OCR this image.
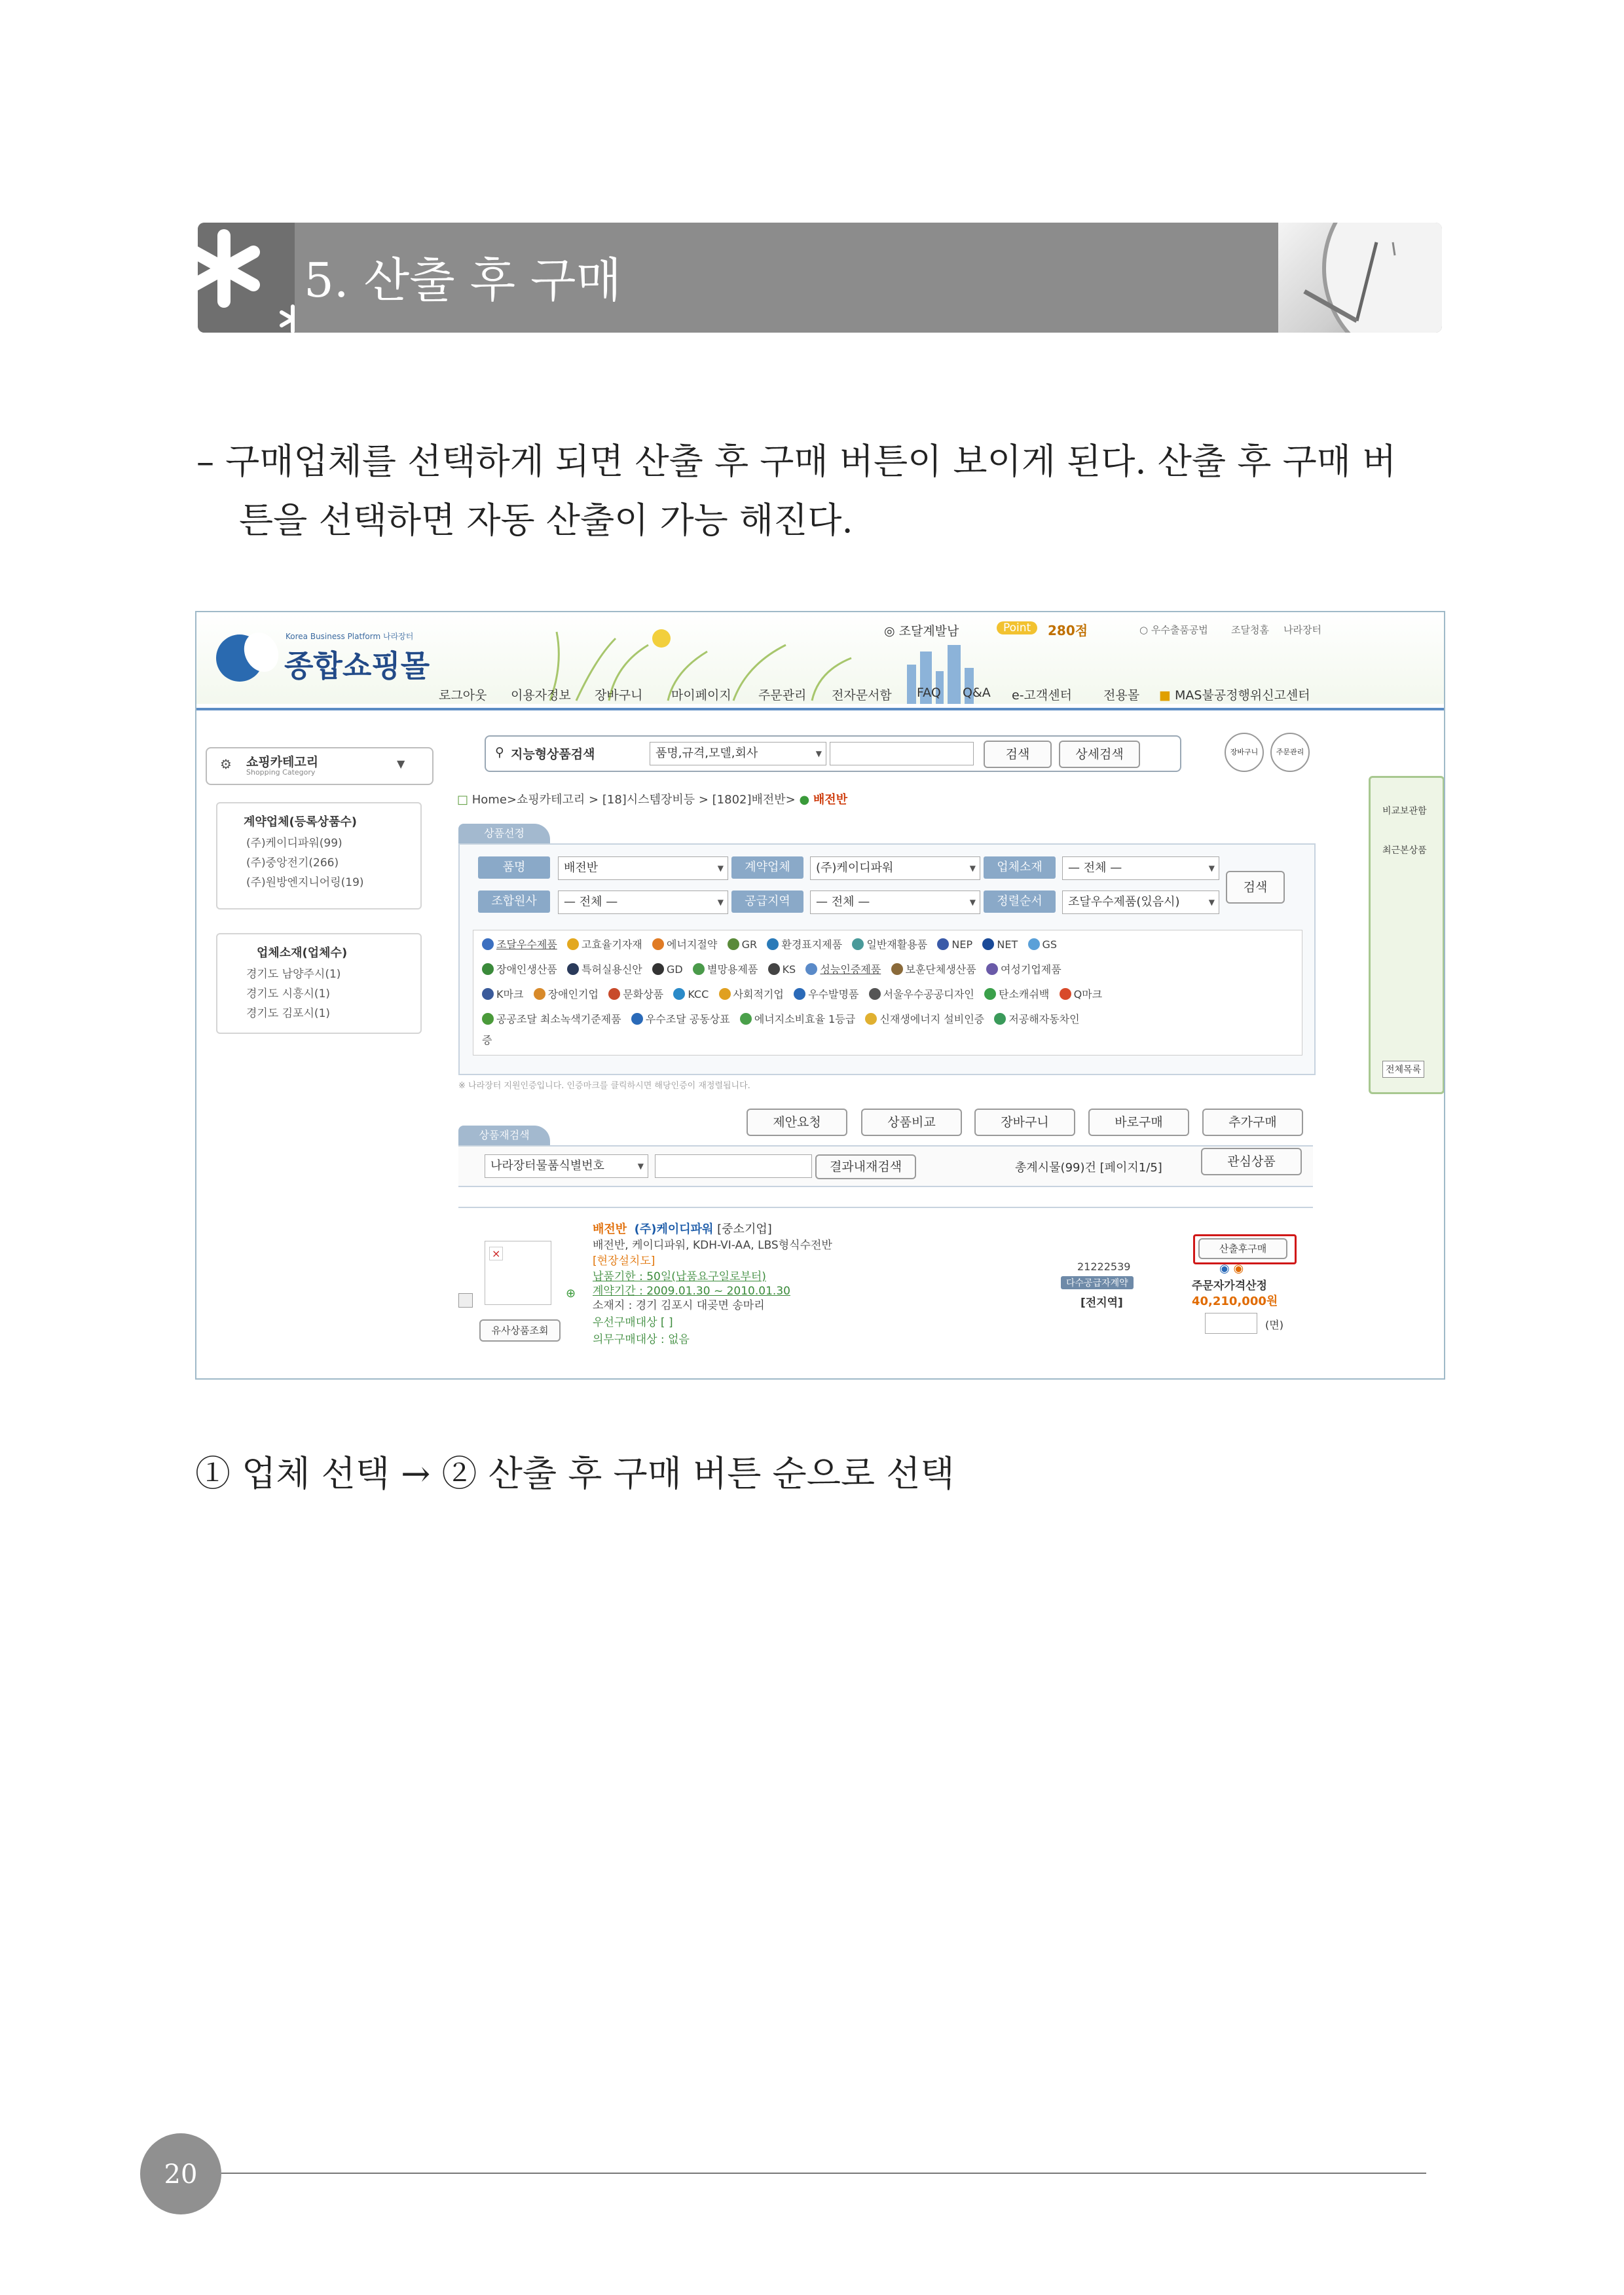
5. 산출 후 구매
– 구매업체를 선택하게 되면 산출 후 구매 버튼이 보이게 된다. 산출 후 구매 버
튼을 선택하면 자동 산출이 가능 해진다.
Korea Business Platform 나라장터
종합쇼핑몰
◎ 조달계발남	Point	280점	○ 우수출품공법 조달청홈 나라장터
로그아웃 이용자정보 장바구니 마이페이지 주문관리 전자문서함 FAQ Q&A e-고객센터	전용몰 ■ MAS불공정행위신고센터
⚙ 쇼핑카테고리
Shopping Category
▼
⚲ 지능형상품검색	품명,규격,모델,회사 ▼	검색	상세검색	장바구니	주문관리
비교보관함
최근본상품
전체목록
□ Home>쇼핑카테고리 > [18]시스템장비등 > [1802]배전반> ● 배전반
계약업체(등록상품수)
(주)케이디파워(99)
(주)중앙전기(266)
(주)원방엔지니어링(19)
업체소재(업체수)
경기도 남양주시(1)
경기도 시흥시(1)
경기도 김포시(1)
상품선정
품명	배전반 ▼	계약업체	(주)케이디파워 ▼	업체소재	— 전체 — ▼
조합원사	— 전체 — ▼	공급지역	— 전체 — ▼	정렬순서	조달우수제품(있음시) ▼
검색
조달우수제품 고효율기자재 에너지절약 GR 환경표지제품 일반재활용품 NEP NET GS
장애인생산품 특허실용신안 GD 별망용제품 KS 성능인증제품 보훈단체생산품 여성기업제품
K마크 장애인기업 문화상품 KCC 사회적기업 우수발명품 서울우수공공디자인 탄소캐쉬백 Q마크
공공조달 최소녹색기준제품 우수조달 공동상표 에너지소비효율 1등급 신재생에너지 설비인증 저공해자동차인
증
※ 나라장터 지원인증입니다. 인증마크를 클릭하시면 해당인증이 재정렬됩니다.
제안요청	상품비교	장바구니	바로구매	추가구매
상품재검색
나라장터물품식별번호 ▼	결과내재검색	총계시물(99)건 [페이지1/5]	관심상품
×
⊕
유사상품조회
배전반 (주)케이디파워 [중소기업]
배전반, 케이디파워, KDH-VI-AA, LBS형식수전반
[현장설치도]
납품기한 : 50일(납품요구일로부터)
계약기간 : 2009.01.30 ~ 2010.01.30
소재지 : 경기 김포시 대곶면 송마리
우선구매대상 [ ]
의무구매대상 : 없음
21222539
다수공급자계약
[전지역]
산출후구매
◉ ◉
주문자가격산정
40,210,000원
(면)
① 업체 선택 → ② 산출 후 구매 버튼 순으로 선택
20
